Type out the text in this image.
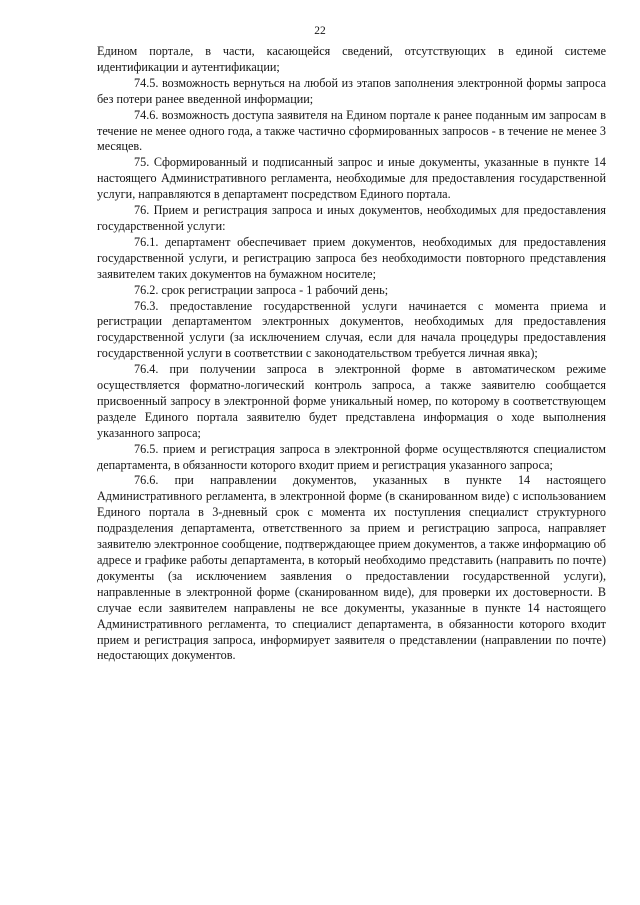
22

Едином портале, в части, касающейся сведений, отсутствующих в единой системе идентификации и аутентификации;

74.5. возможность вернуться на любой из этапов заполнения электронной формы запроса без потери ранее введенной информации;

74.6. возможность доступа заявителя на Едином портале к ранее поданным им запросам в течение не менее одного года, а также частично сформированных запросов - в течение не менее 3 месяцев.

75. Сформированный и подписанный запрос и иные документы, указанные в пункте 14 настоящего Административного регламента, необходимые для предоставления государственной услуги, направляются в департамент посредством Единого портала.

76. Прием и регистрация запроса и иных документов, необходимых для предоставления государственной услуги:

76.1. департамент обеспечивает прием документов, необходимых для предоставления государственной услуги, и регистрацию запроса без необходимости повторного представления заявителем таких документов на бумажном носителе;

76.2. срок регистрации запроса - 1 рабочий день;

76.3. предоставление государственной услуги начинается с момента приема и регистрации департаментом электронных документов, необходимых для предоставления государственной услуги (за исключением случая, если для начала процедуры предоставления государственной услуги в соответствии с законодательством требуется личная явка);

76.4. при получении запроса в электронной форме в автоматическом режиме осуществляется форматно-логический контроль запроса, а также заявителю сообщается присвоенный запросу в электронной форме уникальный номер, по которому в соответствующем разделе Единого портала заявителю будет представлена информация о ходе выполнения указанного запроса;

76.5. прием и регистрация запроса в электронной форме осуществляются специалистом департамента, в обязанности которого входит прием и регистрация указанного запроса;

76.6. при направлении документов, указанных в пункте 14 настоящего Административного регламента, в электронной форме (в сканированном виде) с использованием Единого портала в 3-дневный срок с момента их поступления специалист структурного подразделения департамента, ответственного за прием и регистрацию запроса, направляет заявителю электронное сообщение, подтверждающее прием документов, а также информацию об адресе и графике работы департамента, в который необходимо представить (направить по почте) документы (за исключением заявления о предоставлении государственной услуги), направленные в электронной форме (сканированном виде), для проверки их достоверности. В случае если заявителем направлены не все документы, указанные в пункте 14 настоящего Административного регламента, то специалист департамента, в обязанности которого входит прием и регистрация запроса, информирует заявителя о представлении (направлении по почте) недостающих документов.
